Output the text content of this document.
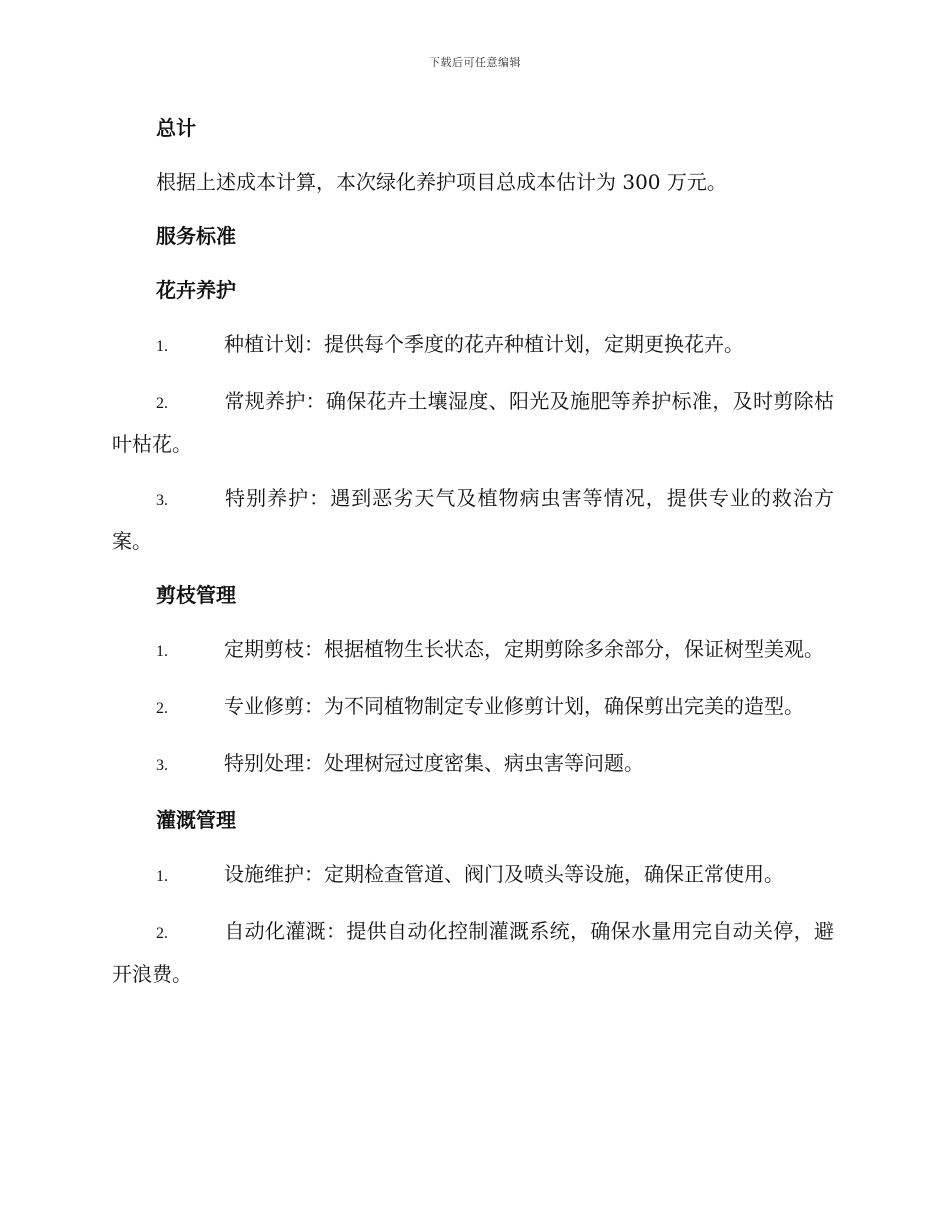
下载后可任意编辑
总计
根据上述成本计算，本次绿化养护项目总成本估计为 300 万元。
服务标准
花卉养护
1.	种植计划：提供每个季度的花卉种植计划，定期更换花卉。
2.	常规养护：确保花卉土壤湿度、阳光及施肥等养护标准，及时剪除枯叶枯花。
3.	特别养护：遇到恶劣天气及植物病虫害等情况，提供专业的救治方案。
剪枝管理
1.	定期剪枝：根据植物生长状态，定期剪除多余部分，保证树型美观。
2.	专业修剪：为不同植物制定专业修剪计划，确保剪出完美的造型。
3.	特别处理：处理树冠过度密集、病虫害等问题。
灌溉管理
1.	设施维护：定期检查管道、阀门及喷头等设施，确保正常使用。
2.	自动化灌溉：提供自动化控制灌溉系统，确保水量用完自动关停，避开浪费。
